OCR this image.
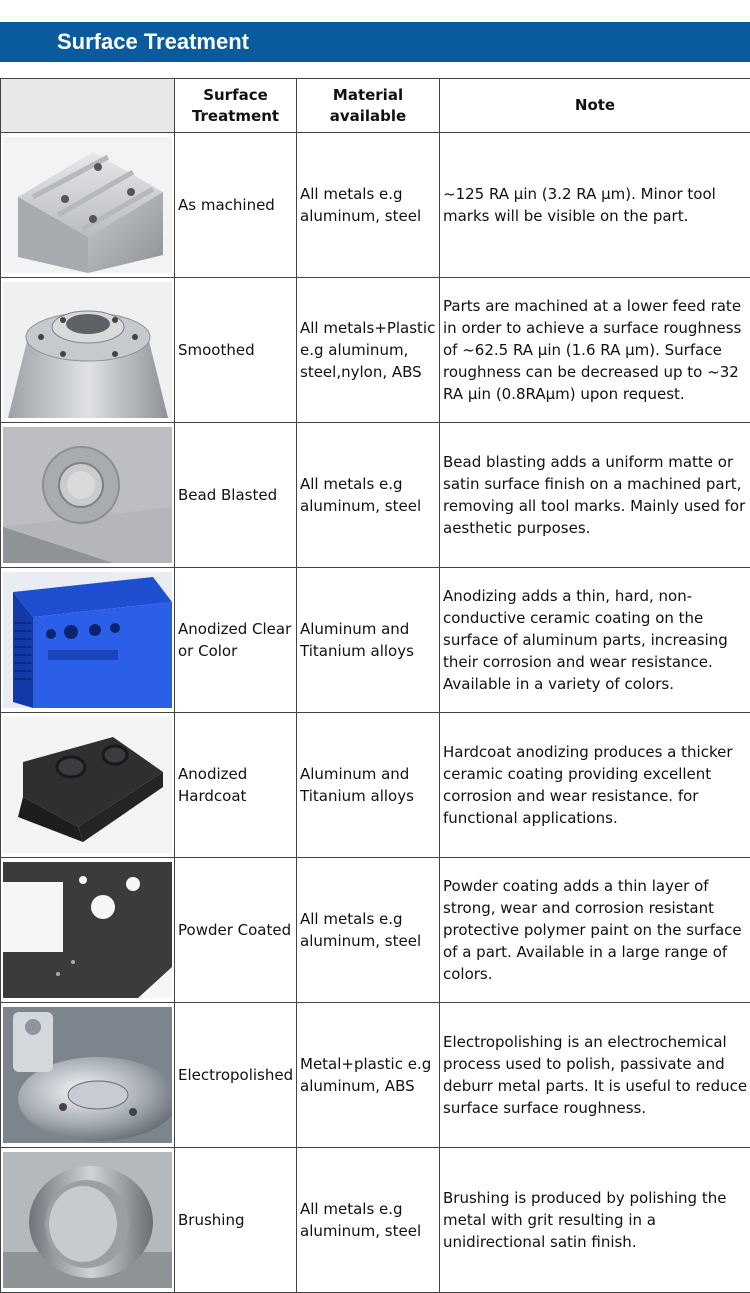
Surface Treatment
	Surface Treatment	Material available	Note

	As machined	All metals e.g aluminum, steel	~125 RA μin (3.2 RA μm). Minor tool marks will be visible on the part.

	Smoothed	All metals+Plastic e.g aluminum, steel,nylon, ABS	Parts are machined at a lower feed rate in order to achieve a surface roughness of ~62.5 RA μin (1.6 RA μm). Surface roughness can be decreased up to ~32 RA μin (0.8RAμm) upon request.

	Bead Blasted	All metals e.g aluminum, steel	Bead blasting adds a uniform matte or satin surface finish on a machined part, removing all tool marks. Mainly used for aesthetic purposes.

	Anodized Clear or Color	Aluminum and Titanium alloys	Anodizing adds a thin, hard, non-conductive ceramic coating on the surface of aluminum parts, increasing their corrosion and wear resistance. Available in a variety of colors.

	Anodized Hardcoat	Aluminum and Titanium alloys	Hardcoat anodizing produces a thicker ceramic coating providing excellent corrosion and wear resistance. for functional applications.

	Powder Coated	All metals e.g aluminum, steel	Powder coating adds a thin layer of strong, wear and corrosion resistant protective polymer paint on the surface of a part. Available in a large range of colors.

	Electropolished	Metal+plastic e.g aluminum, ABS	Electropolishing is an electrochemical process used to polish, passivate and deburr metal parts. It is useful to reduce surface surface roughness.

	Brushing	All metals e.g aluminum, steel	Brushing is produced by polishing the metal with grit resulting in a unidirectional satin finish.
